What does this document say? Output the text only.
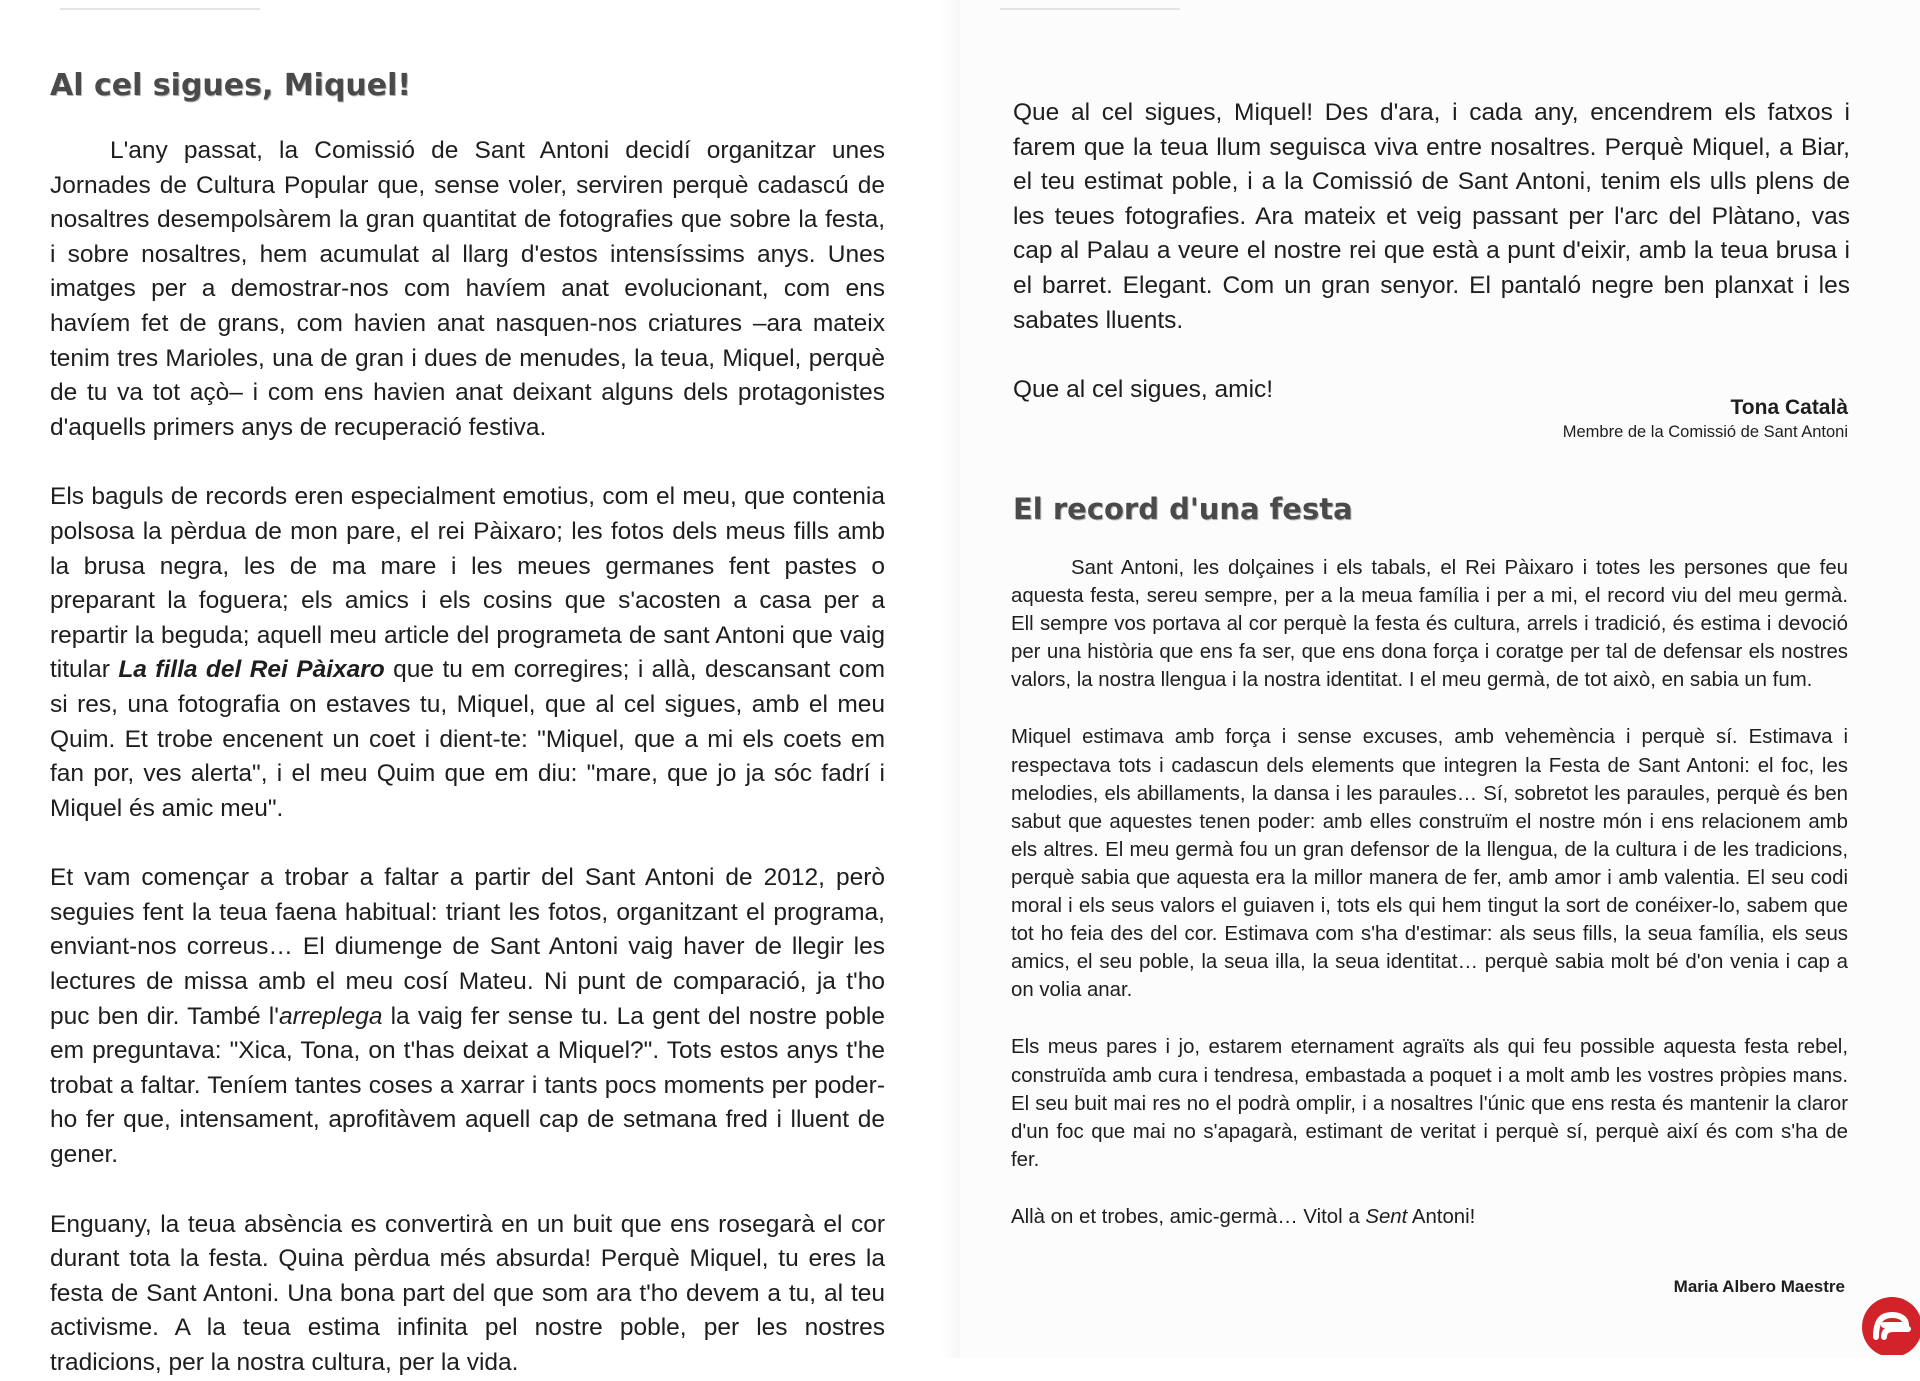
Al cel sigues, Miquel!

L'any passat, la Comissió de Sant Antoni decidí organitzar unes Jornades de Cultura Popular que, sense voler, serviren perquè cadascú de nosaltres desempolsàrem la gran quantitat de fotografies que sobre la festa, i sobre nosaltres, hem acumulat al llarg d'estos intensíssims anys. Unes imatges per a demostrar-nos com havíem anat evolucionant, com ens havíem fet de grans, com havien anat nasquen-nos criatures –ara mateix tenim tres Marioles, una de gran i dues de menudes, la teua, Miquel, perquè de tu va tot açò– i com ens havien anat deixant alguns dels protagonistes d'aquells primers anys de recuperació festiva.

Els baguls de records eren especialment emotius, com el meu, que contenia polsosa la pèrdua de mon pare, el rei Pàixaro; les fotos dels meus fills amb la brusa negra, les de ma mare i les meues germanes fent pastes o preparant la foguera; els amics i els cosins que s'acosten a casa per a repartir la beguda; aquell meu article del programeta de sant Antoni que vaig titular La filla del Rei Pàixaro que tu em corregires; i allà, descansant com si res, una fotografia on estaves tu, Miquel, que al cel sigues, amb el meu Quim. Et trobe encenent un coet i dient-te: "Miquel, que a mi els coets em fan por, ves alerta", i el meu Quim que em diu: "mare, que jo ja sóc fadrí i Miquel és amic meu".

Et vam començar a trobar a faltar a partir del Sant Antoni de 2012, però seguies fent la teua faena habitual: triant les fotos, organitzant el programa, enviant-nos correus… El diumenge de Sant Antoni vaig haver de llegir les lectures de missa amb el meu cosí Mateu. Ni punt de comparació, ja t'ho puc ben dir. També l'arreplega la vaig fer sense tu. La gent del nostre poble em preguntava: "Xica, Tona, on t'has deixat a Miquel?". Tots estos anys t'he trobat a faltar. Teníem tantes coses a xarrar i tants pocs moments per poder-ho fer que, intensament, aprofitàvem aquell cap de setmana fred i lluent de gener.

Enguany, la teua absència es convertirà en un buit que ens rosegarà el cor durant tota la festa. Quina pèrdua més absurda! Perquè Miquel, tu eres la festa de Sant Antoni. Una bona part del que som ara t'ho devem a tu, al teu activisme. A la teua estima infinita pel nostre poble, per les nostres tradicions, per la nostra cultura, per la vida.

Que al cel sigues, Miquel! Des d'ara, i cada any, encendrem els fatxos i farem que la teua llum seguisca viva entre nosaltres. Perquè Miquel, a Biar, el teu estimat poble, i a la Comissió de Sant Antoni, tenim els ulls plens de les teues fotografies. Ara mateix et veig passant per l'arc del Plàtano, vas cap al Palau a veure el nostre rei que està a punt d'eixir, amb la teua brusa i el barret. Elegant. Com un gran senyor. El pantaló negre ben planxat i les sabates lluents.

Que al cel sigues, amic!

Tona Català
Membre de la Comissió de Sant Antoni
El record d'una festa

Sant Antoni, les dolçaines i els tabals, el Rei Pàixaro i totes les persones que feu aquesta festa, sereu sempre, per a la meua família i per a mi, el record viu del meu germà. Ell sempre vos portava al cor perquè la festa és cultura, arrels i tradició, és estima i devoció per una història que ens fa ser, que ens dona força i coratge per tal de defensar els nostres valors, la nostra llengua i la nostra identitat. I el meu germà, de tot això, en sabia un fum.

Miquel estimava amb força i sense excuses, amb vehemència i perquè sí. Estimava i respectava tots i cadascun dels elements que integren la Festa de Sant Antoni: el foc, les melodies, els abillaments, la dansa i les paraules… Sí, sobretot les paraules, perquè és ben sabut que aquestes tenen poder: amb elles construïm el nostre món i ens relacionem amb els altres. El meu germà fou un gran defensor de la llengua, de la cultura i de les tradicions, perquè sabia que aquesta era la millor manera de fer, amb amor i amb valentia. El seu codi moral i els seus valors el guiaven i, tots els qui hem tingut la sort de conéixer-lo, sabem que tot ho feia des del cor. Estimava com s'ha d'estimar: als seus fills, la seua família, els seus amics, el seu poble, la seua illa, la seua identitat… perquè sabia molt bé d'on venia i cap a on volia anar.

Els meus pares i jo, estarem eternament agraïts als qui feu possible aquesta festa rebel, construïda amb cura i tendresa, embastada a poquet i a molt amb les vostres pròpies mans. El seu buit mai res no el podrà omplir, i a nosaltres l'únic que ens resta és mantenir la claror d'un foc que mai no s'apagarà, estimant de veritat i perquè sí, perquè així és com s'ha de fer.

Allà on et trobes, amic-germà… Vitol a Sent Antoni!

Maria Albero Maestre
